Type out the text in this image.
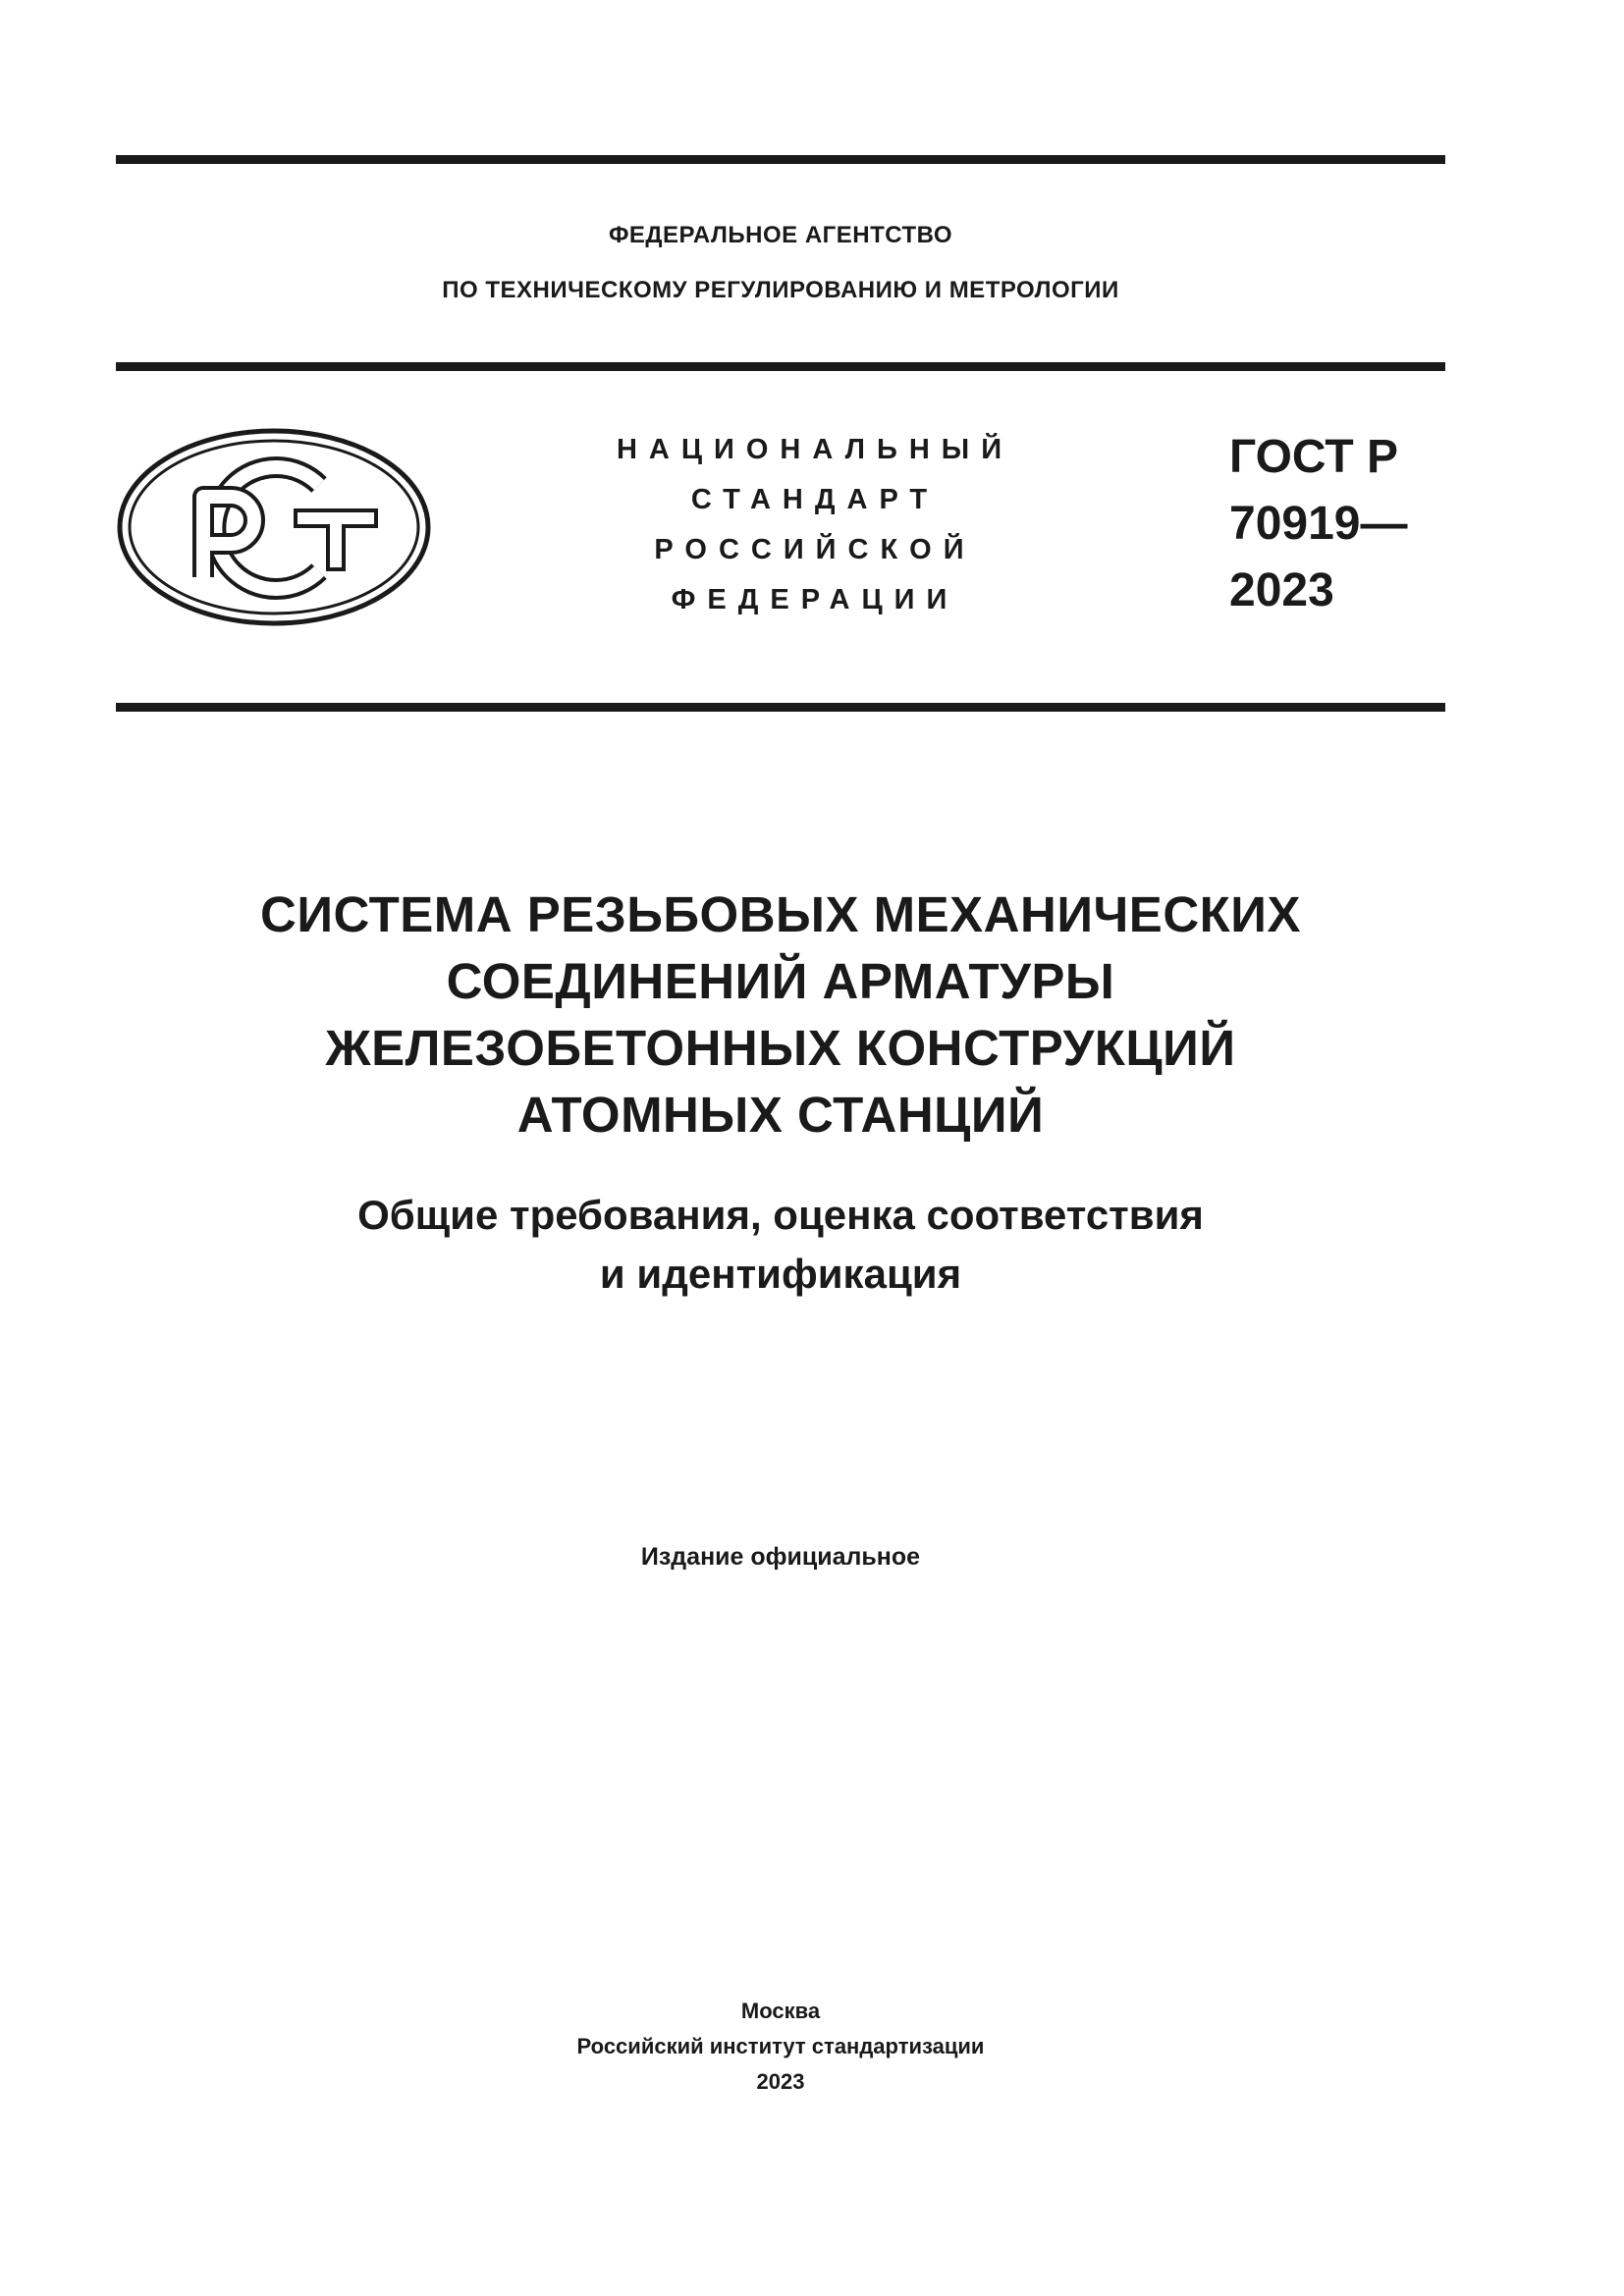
ФЕДЕРАЛЬНОЕ АГЕНТСТВО
ПО ТЕХНИЧЕСКОМУ РЕГУЛИРОВАНИЮ И МЕТРОЛОГИИ
НАЦИОНАЛЬНЫЙ
СТАНДАРТ
РОССИЙСКОЙ
ФЕДЕРАЦИИ
ГОСТ Р
70919—
2023
СИСТЕМА РЕЗЬБОВЫХ МЕХАНИЧЕСКИХ
СОЕДИНЕНИЙ АРМАТУРЫ
ЖЕЛЕЗОБЕТОННЫХ КОНСТРУКЦИЙ
АТОМНЫХ СТАНЦИЙ
Общие требования, оценка соответствия
и идентификация
Издание официальное
Москва
Российский институт стандартизации
2023
